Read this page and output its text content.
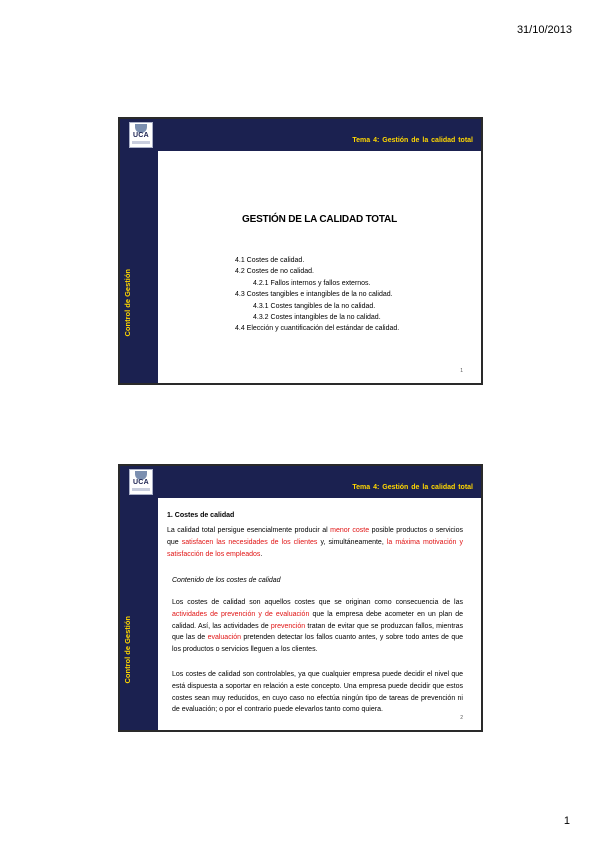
31/10/2013
UCA
Control de Gestión
Tema 4: Gestión de la calidad total
GESTIÓN DE LA CALIDAD TOTAL
4.1 Costes de calidad.
4.2 Costes de no calidad.
4.2.1 Fallos internos y fallos externos.
4.3 Costes tangibles e intangibles de la no calidad.
4.3.1 Costes tangibles de la no calidad.
4.3.2 Costes intangibles de la no calidad.
4.4 Elección y cuantificación del estándar de calidad.
1
UCA
Control de Gestión
Tema 4: Gestión de la calidad total
1. Costes de calidad
La calidad total persigue esencialmente producir al menor coste posible productos o servicios que satisfacen las necesidades de los clientes y, simultáneamente, la máxima motivación y satisfacción de los empleados.
Contenido de los costes de calidad
Los costes de calidad son aquellos costes que se originan como consecuencia de las actividades de prevención y de evaluación que la empresa debe acometer en un plan de calidad. Así, las actividades de prevención tratan de evitar que se produzcan fallos, mientras que las de evaluación pretenden detectar los fallos cuanto antes, y sobre todo antes de que los productos o servicios lleguen a los clientes.
Los costes de calidad son controlables, ya que cualquier empresa puede decidir el nivel que está dispuesta a soportar en relación a este concepto. Una empresa puede decidir que estos costes sean muy reducidos, en cuyo caso no efectúa ningún tipo de tareas de prevención ni de evaluación; o por el contrario puede elevarlos tanto como quiera.
2
1
